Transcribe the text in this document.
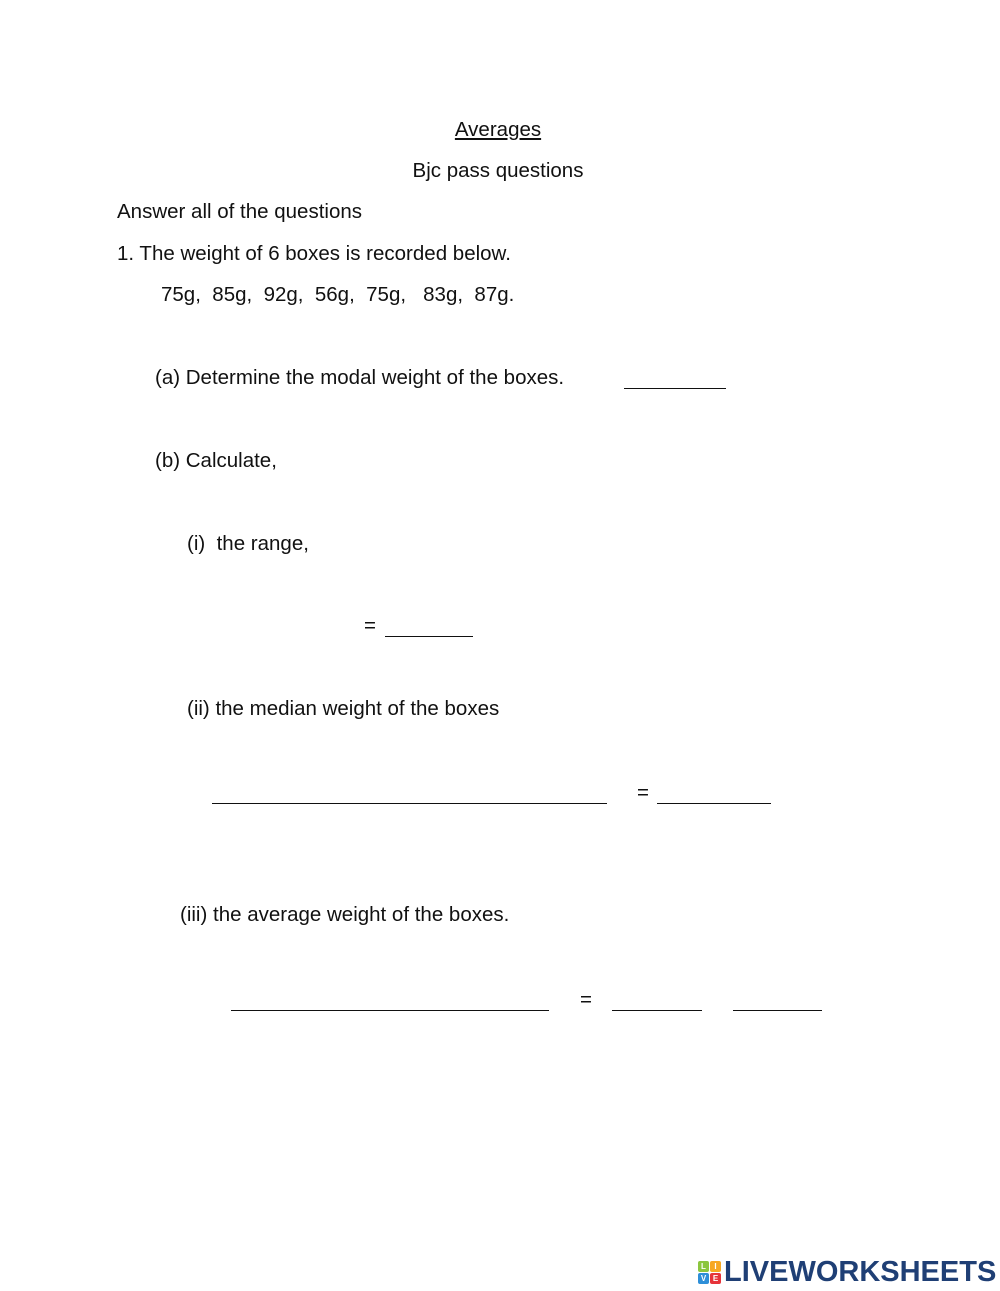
Averages
Bjc pass questions
Answer all of the questions
1. The weight of 6 boxes is recorded below.
75g,  85g,  92g,  56g,  75g,   83g,  87g.
(a) Determine the modal weight of the boxes.
(b) Calculate,
(i)  the range,
=
(ii) the median weight of the boxes
=
(iii) the average weight of the boxes.
=
L	I
V E LIVEWORKSHEETS
